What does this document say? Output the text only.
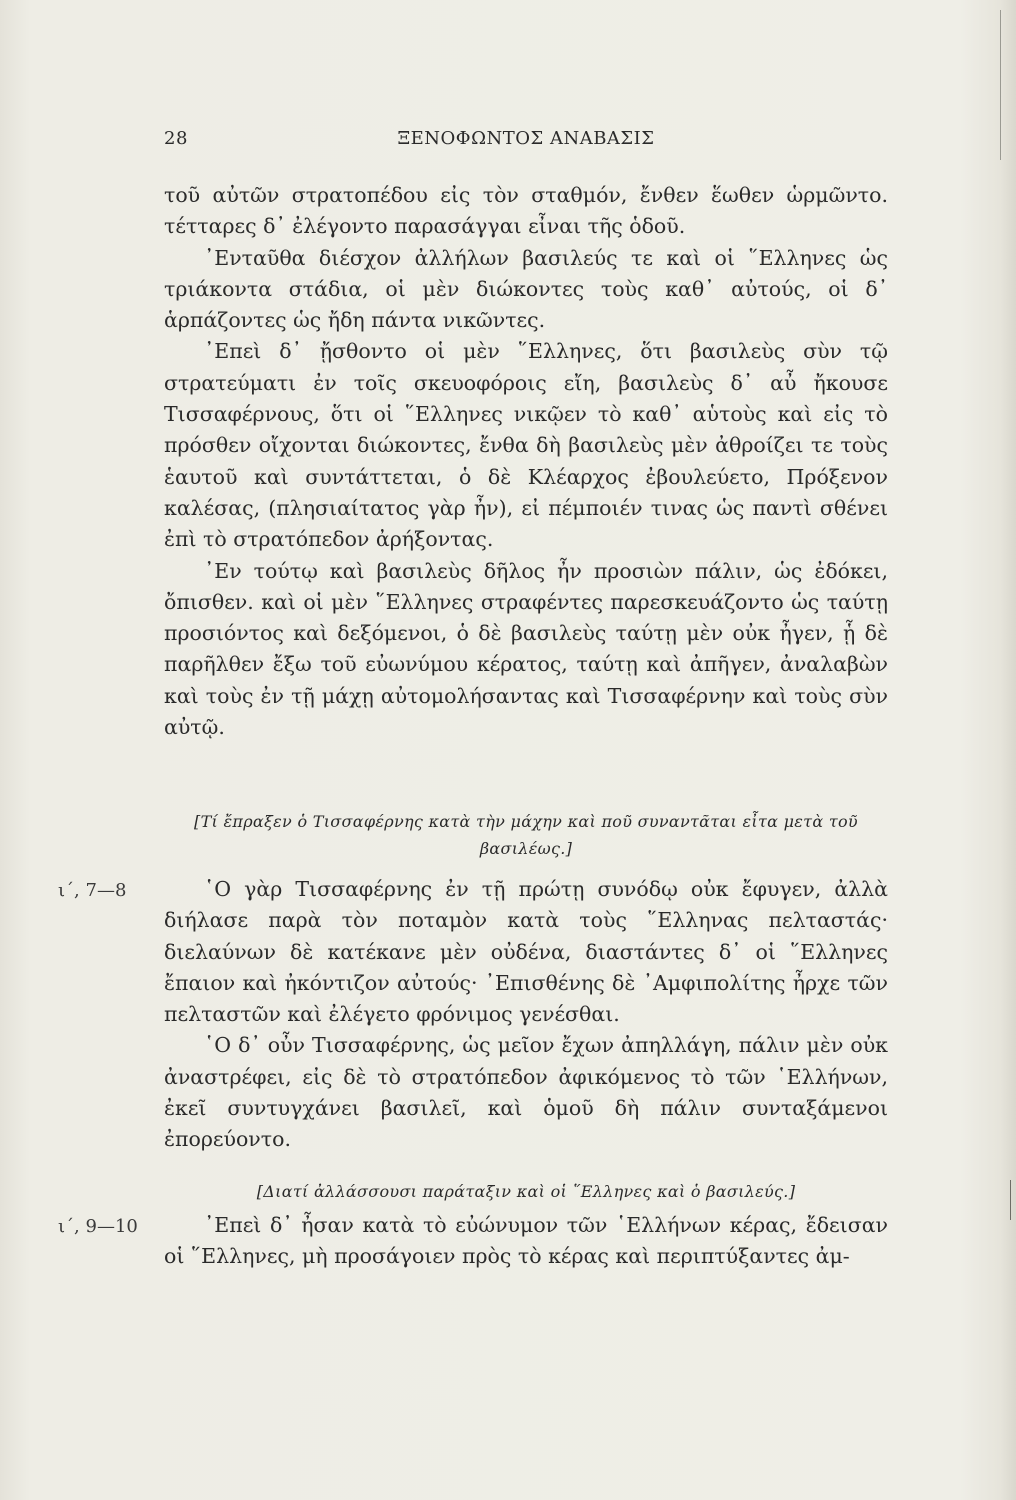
28	ΞΕΝΟΦΩΝΤΟΣ ΑΝΑΒΑΣΙΣ

τοῦ αὐτῶν στρατοπέδου εἰς τὸν σταθμόν, ἔνθεν ἕωθεν ὡρμῶντο. τέτταρες δ᾽ ἐλέγοντο παρασάγγαι εἶναι τῆς ὁδοῦ.

᾽Ενταῦθα διέσχον ἀλλήλων βασιλεύς τε καὶ οἱ ῞Ελληνες ὡς τριάκοντα στάδια, οἱ μὲν διώκοντες τοὺς καθ᾽ αὐτούς, οἱ δ᾽ ἁρπάζοντες ὡς ἤδη πάντα νικῶντες.

᾽Επεὶ δ᾽ ᾔσθοντο οἱ μὲν ῞Ελληνες, ὅτι βασιλεὺς σὺν τῷ στρατεύματι ἐν τοῖς σκευοφόροις εἴη, βασιλεὺς δ᾽ αὖ ἤκουσε Τισσαφέρνους, ὅτι οἱ ῞Ελληνες νικῷεν τὸ καθ᾽ αὑτοὺς καὶ εἰς τὸ πρόσθεν οἴχονται διώκοντες, ἔνθα δὴ βασιλεὺς μὲν ἀθροίζει τε τοὺς ἑαυτοῦ καὶ συντάττεται, ὁ δὲ Κλέαρχος ἐβουλεύετο, Πρόξενον καλέσας, (πλησιαίτατος γὰρ ἦν), εἰ πέμποιέν τινας ὡς παντὶ σθένει ἐπὶ τὸ στρατόπεδον ἀρήξοντας.

᾽Εν τούτῳ καὶ βασιλεὺς δῆλος ἦν προσιὼν πάλιν, ὡς ἐδόκει, ὄπισθεν. καὶ οἱ μὲν ῞Ελληνες στραφέντες παρεσκευάζοντο ὡς ταύτῃ προσιόντος καὶ δεξόμενοι, ὁ δὲ βασιλεὺς ταύτῃ μὲν οὐκ ἦγεν, ᾗ δὲ παρῆλθεν ἔξω τοῦ εὐωνύμου κέρατος, ταύτῃ καὶ ἀπῆγεν, ἀναλαβὼν καὶ τοὺς ἐν τῇ μάχῃ αὐτομολήσαντας καὶ Τισσαφέρνην καὶ τοὺς σὺν αὐτῷ.

[Τί ἔπραξεν ὁ Τισσαφέρνης κατὰ τὴν μάχην καὶ ποῦ συναντᾶται εἶτα μετὰ τοῦ βασιλέως.]
ι΄, 7—8	῾Ο γὰρ Τισσαφέρνης ἐν τῇ πρώτῃ συνόδῳ οὐκ ἔφυγεν, ἀλλὰ διήλασε παρὰ τὸν ποταμὸν κατὰ τοὺς ῞Ελληνας πελταστάς· διελαύνων δὲ κατέκανε μὲν οὐδένα, διαστάντες δ᾽ οἱ ῞Ελληνες ἔπαιον καὶ ἠκόντιζον αὐτούς· ᾽Επισθένης δὲ ᾽Αμφιπολίτης ἦρχε τῶν πελταστῶν καὶ ἐλέγετο φρόνιμος γενέσθαι.

῾Ο δ᾽ οὖν Τισσαφέρνης, ὡς μεῖον ἔχων ἀπηλλάγη, πάλιν μὲν οὐκ ἀναστρέφει, εἰς δὲ τὸ στρατόπεδον ἀφικόμενος τὸ τῶν ῾Ελλήνων, ἐκεῖ συντυγχάνει βασιλεῖ, καὶ ὁμοῦ δὴ πάλιν συνταξάμενοι ἐπορεύοντο.

[Διατί ἀλλάσσουσι παράταξιν καὶ οἱ ῞Ελληνες καὶ ὁ βασιλεύς.]
ι΄, 9—10	᾽Επεὶ δ᾽ ἦσαν κατὰ τὸ εὐώνυμον τῶν ῾Ελλήνων κέρας, ἔδεισαν οἱ ῞Ελληνες, μὴ προσάγοιεν πρὸς τὸ κέρας καὶ περιπτύξαντες ἀμ-
